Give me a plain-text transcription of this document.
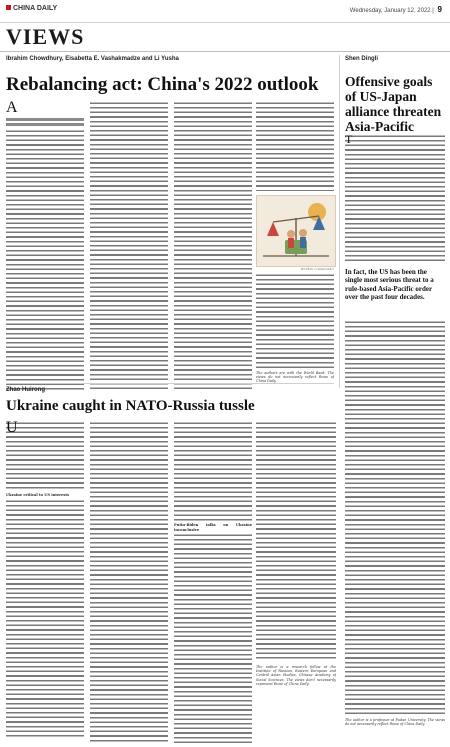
CHINA DAILY	Wednesday, January 12, 2022 | 9
VIEWS
Ibrahim Chowdhury, Eisabetta E. Vashakmadze and Li Yusha
Rebalancing act: China's 2022 outlook
A
JIN DING / CHINA DAILY
The authors are with the World Bank. The views do not necessarily reflect those of China Daily.
Shen Dingli
Offensive goals of US-Japan alliance threaten Asia-Pacific
T
In fact, the US has been the single most serious threat to a rule-based Asia-Pacific order over the past four decades.
The author is a professor at Fudan University. The views do not necessarily reflect those of China Daily.
Zhao Huirong
Ukraine caught in NATO-Russia tussle
U
Ukraine critical to US interests
Putin-Biden talks on Ukraine inconclusive
The author is a research fellow at the Institute of Russian, Eastern European and Central Asian Studies, Chinese Academy of Social Sciences. The views don't necessarily represent those of China Daily.
